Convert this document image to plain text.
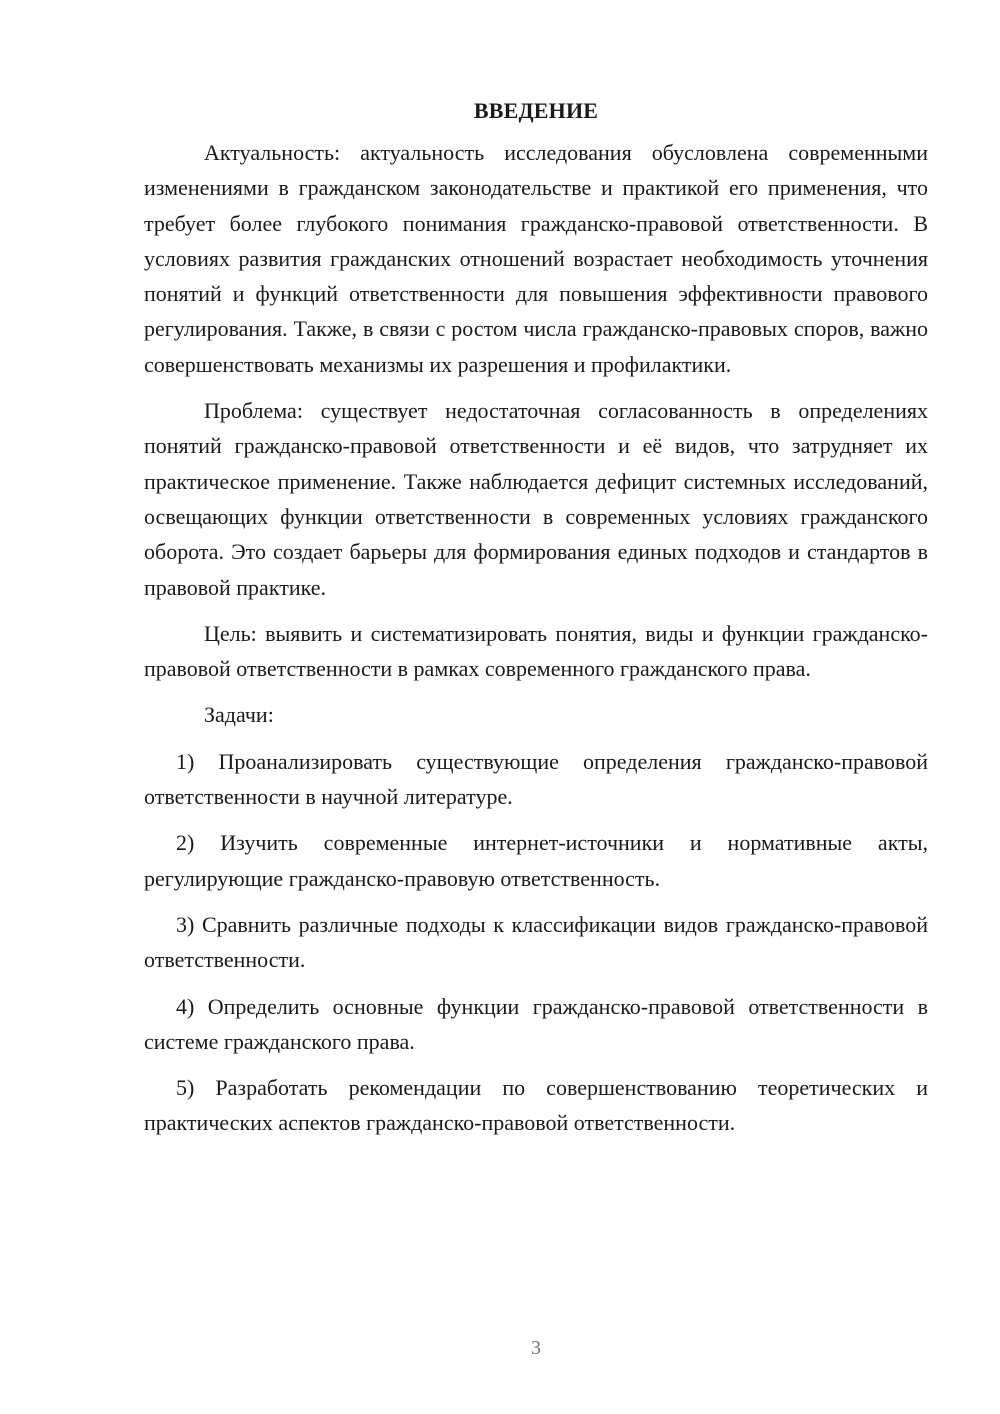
ВВЕДЕНИЕ

Актуальность: актуальность исследования обусловлена современными изменениями в гражданском законодательстве и практикой его применения, что требует более глубокого понимания гражданско-правовой ответственности. В условиях развития гражданских отношений возрастает необходимость уточнения понятий и функций ответственности для повышения эффективности правового регулирования. Также, в связи с ростом числа гражданско-правовых споров, важно совершенствовать механизмы их разрешения и профилактики.

Проблема: существует недостаточная согласованность в определениях понятий гражданско-правовой ответственности и её видов, что затрудняет их практическое применение. Также наблюдается дефицит системных исследований, освещающих функции ответственности в современных условиях гражданского оборота. Это создает барьеры для формирования единых подходов и стандартов в правовой практике.

Цель: выявить и систематизировать понятия, виды и функции гражданско-правовой ответственности в рамках современного гражданского права.

Задачи:

1) Проанализировать существующие определения гражданско-правовой ответственности в научной литературе.

2) Изучить современные интернет-источники и нормативные акты, регулирующие гражданско-правовую ответственность.

3) Сравнить различные подходы к классификации видов гражданско-правовой ответственности.

4) Определить основные функции гражданско-правовой ответственности в системе гражданского права.

5) Разработать рекомендации по совершенствованию теоретических и практических аспектов гражданско-правовой ответственности.

3
